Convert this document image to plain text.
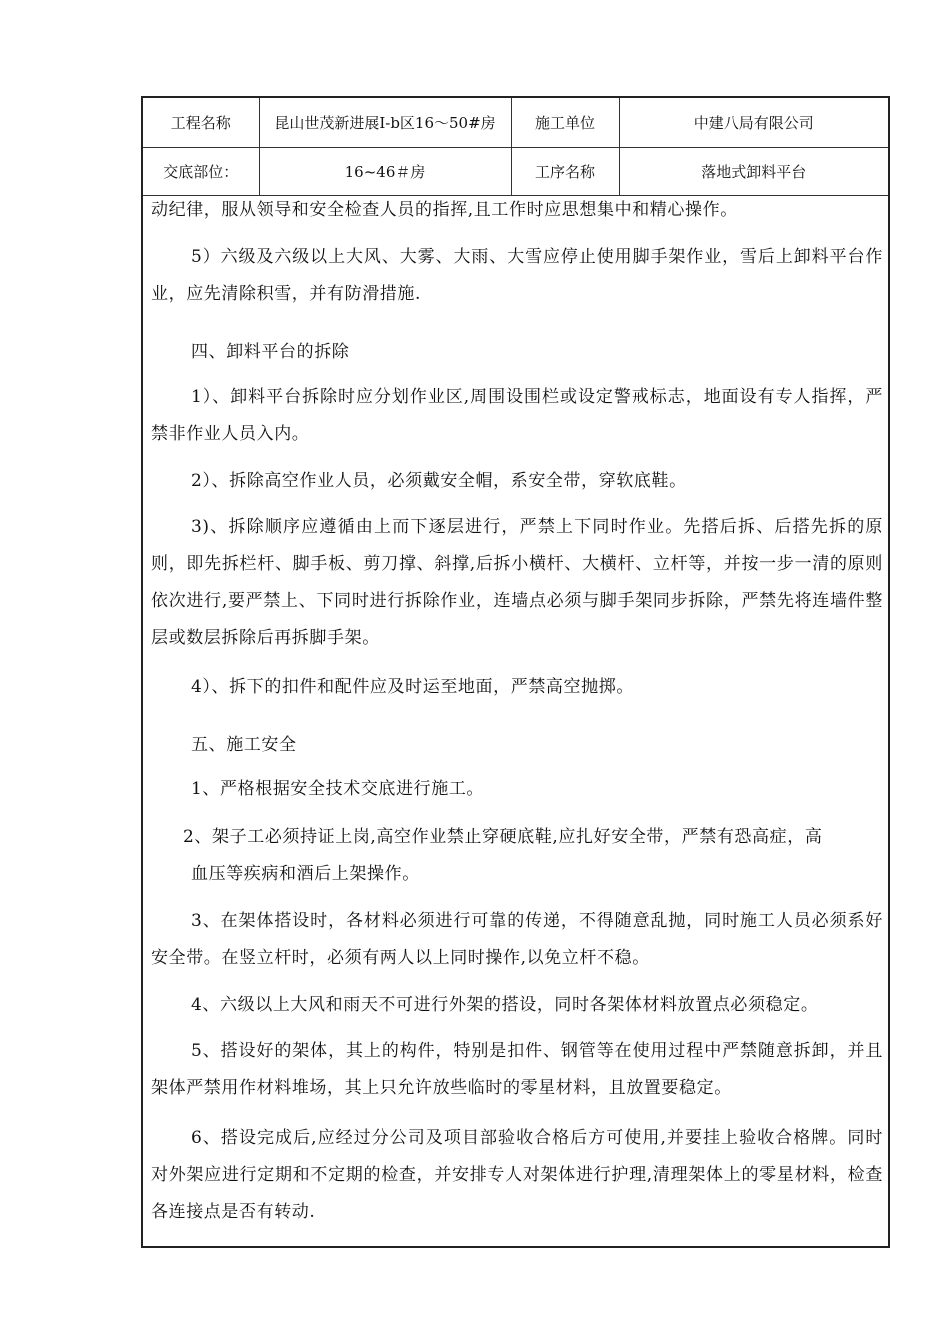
工程名称	昆山世茂新进展I-b区16～50#房	施工单位	中建八局有限公司
交底部位：	16~46＃房	工序名称	落地式卸料平台

动纪律，服从领导和安全检查人员的指挥,且工作时应思想集中和精心操作。

5）六级及六级以上大风、大雾、大雨、大雪应停止使用脚手架作业，雪后上卸料平台作业，应先清除积雪，并有防滑措施.

四、卸料平台的拆除

1）、卸料平台拆除时应分划作业区,周围设围栏或设定警戒标志，地面设有专人指挥，严禁非作业人员入内。

2）、拆除高空作业人员，必须戴安全帽，系安全带，穿软底鞋。

3)、拆除顺序应遵循由上而下逐层进行，严禁上下同时作业。先搭后拆、后搭先拆的原则，即先拆栏杆、脚手板、剪刀撑、斜撑,后拆小横杆、大横杆、立杆等，并按一步一清的原则依次进行,要严禁上、下同时进行拆除作业，连墙点必须与脚手架同步拆除，严禁先将连墙件整层或数层拆除后再拆脚手架。

4）、拆下的扣件和配件应及时运至地面，严禁高空抛掷。

五、施工安全

1、严格根据安全技术交底进行施工。

2、架子工必须持证上岗,高空作业禁止穿硬底鞋,应扎好安全带，严禁有恐高症，高

血压等疾病和酒后上架操作。

3、在架体搭设时，各材料必须进行可靠的传递，不得随意乱抛，同时施工人员必须系好安全带。在竖立杆时，必须有两人以上同时操作,以免立杆不稳。

4、六级以上大风和雨天不可进行外架的搭设，同时各架体材料放置点必须稳定。

5、搭设好的架体，其上的构件，特别是扣件、钢管等在使用过程中严禁随意拆卸，并且架体严禁用作材料堆场，其上只允许放些临时的零星材料，且放置要稳定。

6、搭设完成后,应经过分公司及项目部验收合格后方可使用,并要挂上验收合格牌。同时对外架应进行定期和不定期的检查，并安排专人对架体进行护理,清理架体上的零星材料，检查各连接点是否有转动.
